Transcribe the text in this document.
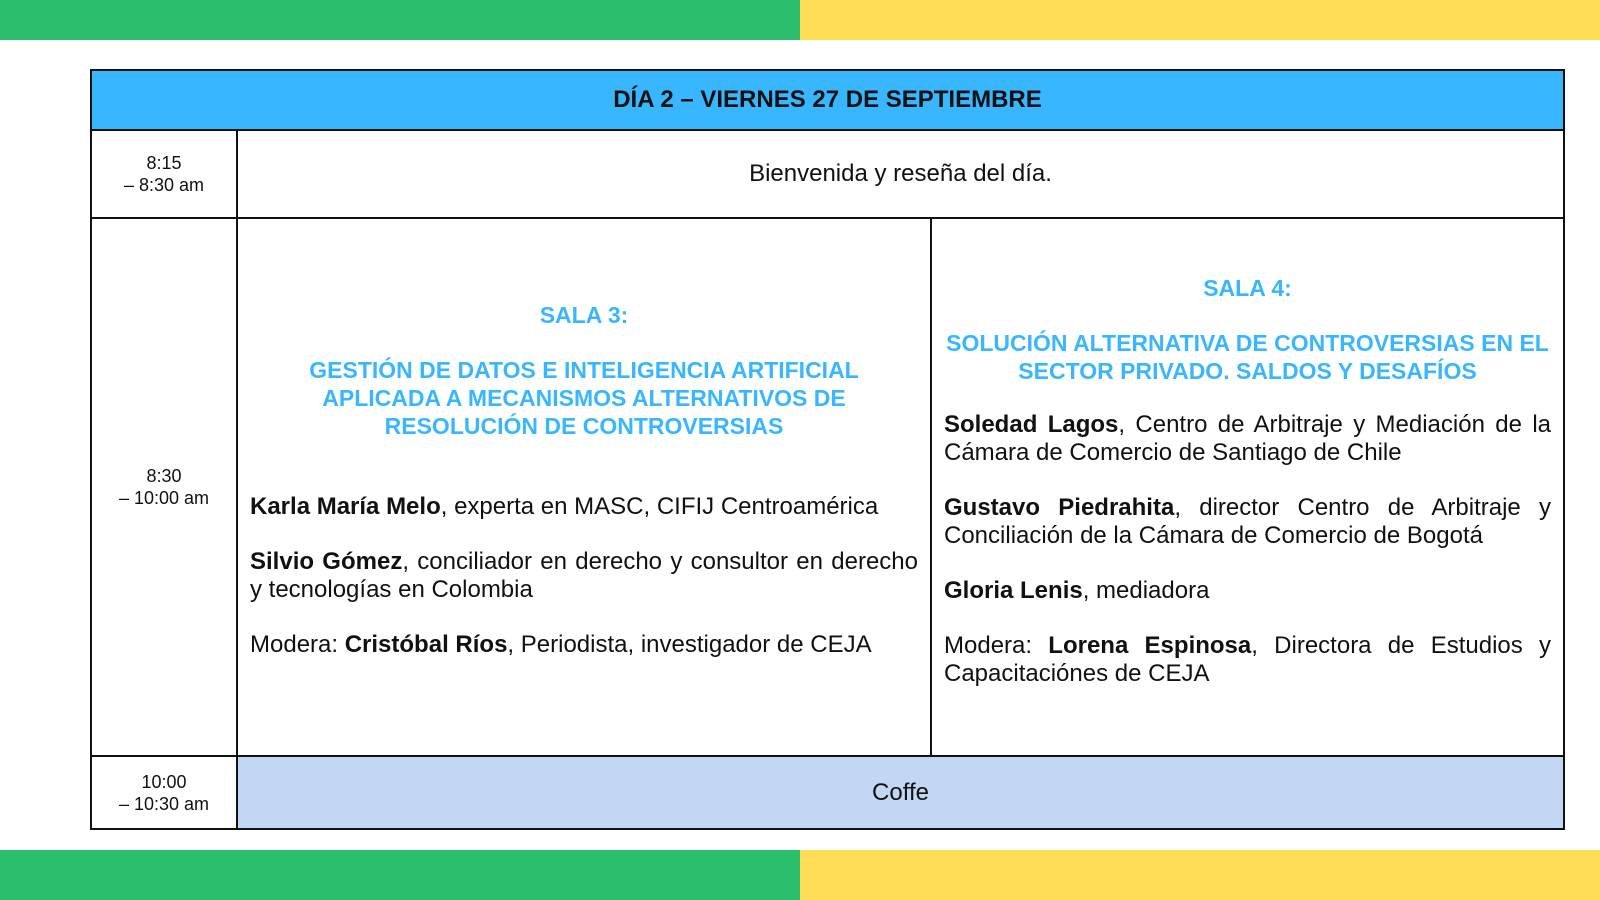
DÍA 2 – VIERNES 27 DE SEPTIEMBRE
8:15
– 8:30 am	Bienvenida y reseña del día.
8:30
– 10:00 am

SALA 3:

GESTIÓN DE DATOS E INTELIGENCIA ARTIFICIAL APLICADA A MECANISMOS ALTERNATIVOS DE RESOLUCIÓN DE CONTROVERSIAS

Karla María Melo, experta en MASC, CIFIJ Centroamérica

Silvio Gómez, conciliador en derecho y consultor en derecho y tecnologías en Colombia

Modera: Cristóbal Ríos, Periodista, investigador de CEJA

SALA 4:

SOLUCIÓN ALTERNATIVA DE CONTROVERSIAS EN EL SECTOR PRIVADO. SALDOS Y DESAFÍOS

Soledad Lagos, Centro de Arbitraje y Mediación de la Cámara de Comercio de Santiago de Chile

Gustavo Piedrahita, director Centro de Arbitraje y Conciliación de la Cámara de Comercio de Bogotá

Gloria Lenis, mediadora

Modera: Lorena Espinosa, Directora de Estudios y Capacitaciónes de CEJA

10:00
– 10:30 am	Coffe
